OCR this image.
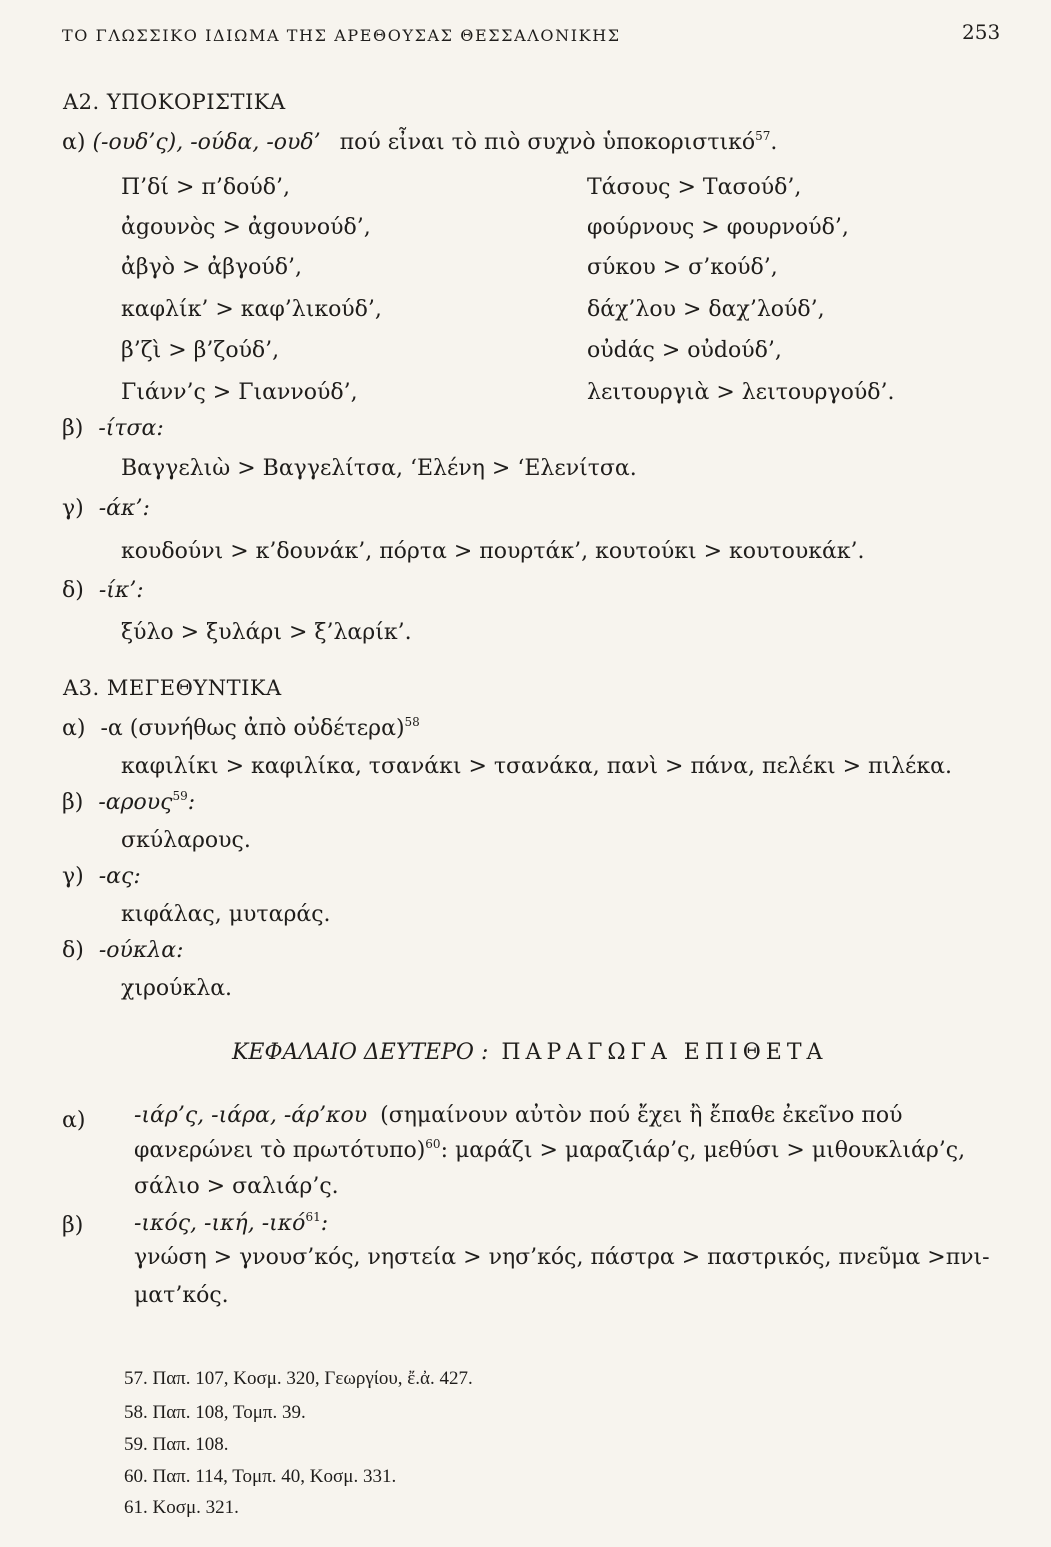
ΤΟ ΓΛΩΣΣΙΚΟ ΙΔΙΩΜΑ ΤΗΣ ΑΡΕΘΟΥΣΑΣ ΘΕΣΣΑΛΟΝΙΚΗΣ	253
Α2. ΥΠΟΚΟΡΙΣΤΙΚΑ
α) (-ουδ’ς), -ούδα, -ουδ’ πού εἶναι τὸ πιὸ συχνὸ ὑποκοριστικό$^{57}$.
Π’δί > π’δούδ’,
ἀgουνὸς > ἀgουνούδ’,
ἀβγὸ > ἀβγούδ’,
καφλίκ’ > καφ’λικούδ’,
β’ζὶ > β’ζούδ’,
Γιάνν’ς > Γιαννούδ’,
Τάσους > Τασούδ’,
φούρνους > φουρνούδ’,
σύκου > σ’κούδ’,
δάχ’λου > δαχ’λούδ’,
οὐdάς > οὐdούδ’,
λειτουργιὰ > λειτουργούδ’.
β) -ίτσα:
Βαγγελιὼ > Βαγγελίτσα, ‘Ελένη > ‘Ελενίτσα.
γ) -άκ’:
κουδούνι > κ’δουνάκ’, πόρτα > πουρτάκ’, κουτούκι > κουτουκάκ’.
δ) -ίκ’:
ξύλο > ξυλάρι > ξ’λαρίκ’.
Α3. ΜΕΓΕΘΥΝΤΙΚΑ
α) -α (συνήθως ἀπὸ οὐδέτερα)$^{58}$
καφιλίκι > καφιλίκα, τσανάκι > τσανάκα, πανὶ > πάνα, πελέκι > πιλέκα.
β) -αρους$^{59}$:
σκύλαρους.
γ) -ας:
κιφάλας, μυταράς.
δ) -ούκλα:
χιρούκλα.
ΚΕΦΑΛΑΙΟ ΔΕΥΤΕΡΟ : ΠΑΡΑΓΩΓΑ ΕΠΙΘΕΤΑ
α) -ιάρ’ς, -ιάρα, -άρ’κου (σημαίνουν αὐτὸν πού ἔχει ἢ ἔπαθε ἐκεῖνο πού
φανερώνει τὸ πρωτότυπο)$^{60}$: μαράζι > μαραζιάρ’ς, μεθύσι > μιθουκλιάρ’ς,
σάλιο > σαλιάρ’ς.
β) -ικός, -ική, -ικό$^{61}$:
γνώση > γνουσ’κός, νηστεία > νησ’κός, πάστρα > παστρικός, πνεῦμα >πνι-
ματ’κός.
57. Παπ. 107, Κοσμ. 320, Γεωργίου, ἔ.ἀ. 427.
58. Παπ. 108, Τομπ. 39.
59. Παπ. 108.
60. Παπ. 114, Τομπ. 40, Κοσμ. 331.
61. Κοσμ. 321.
